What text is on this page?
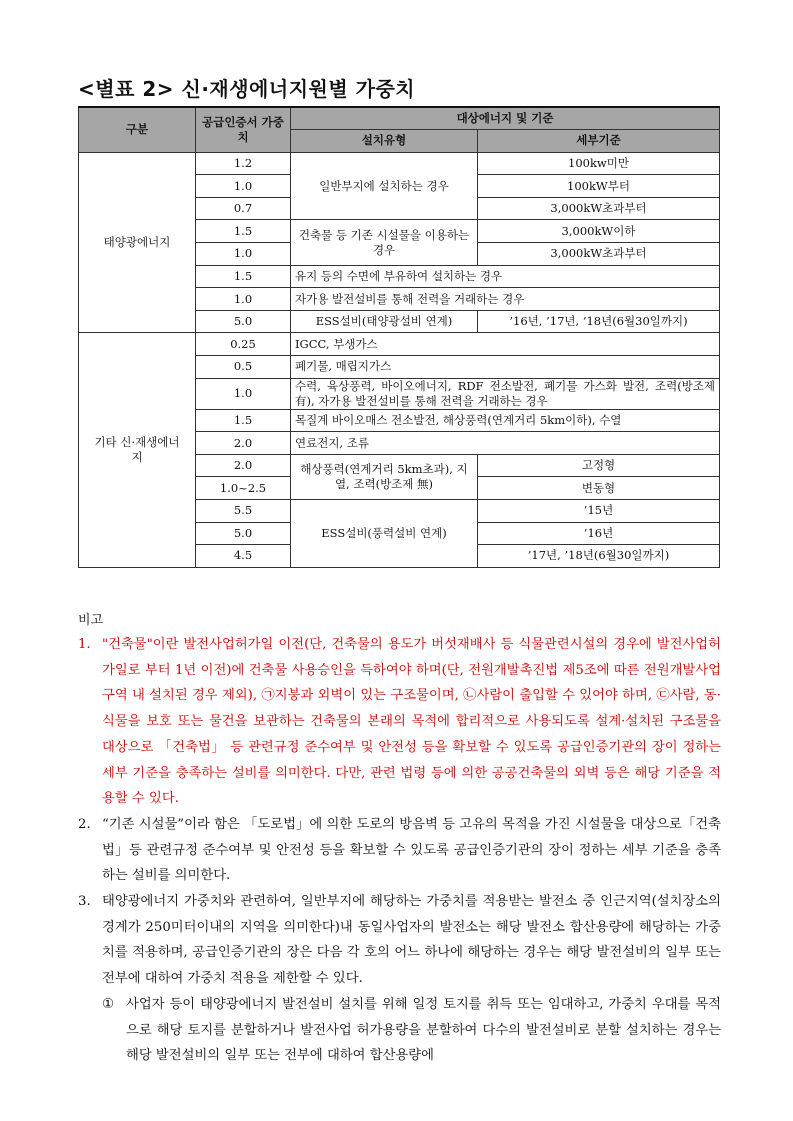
<별표 2> 신·재생에너지원별 가중치
구분	공급인증서 가중치	대상에너지 및 기준	
		설치유형	세부기준
태양광에너지	1.2	일반부지에 설치하는 경우	100kw미만
	1.0		100kW부터
	0.7		3,000kW초과부터
	1.5	건축물 등 기존 시설물을 이용하는 경우	3,000kW이하
	1.0		3,000kW초과부터
	1.5	유지 등의 수면에 부유하여 설치하는 경우	
	1.0	자가용 발전설비를 통해 전력을 거래하는 경우	
	5.0	ESS설비(태양광설비 연계)	’16년, ’17년, ’18년(6월30일까지)
기타 신·재생에너지	0.25	IGCC, 부생가스	
	0.5	폐기물, 매립지가스	
	1.0	수력, 육상풍력, 바이오에너지, RDF 전소발전, 폐기물 가스화 발전, 조력(방조제 有), 자가용 발전설비를 통해 전력을 거래하는 경우	
	1.5	목질계 바이오매스 전소발전, 해상풍력(연계거리 5km이하), 수열	
	2.0	연료전지, 조류	
	2.0	해상풍력(연계거리 5km초과), 지열, 조력(방조제 無)	고정형
	1.0~2.5		변동형
	5.5	ESS설비(풍력설비 연계)	’15년
	5.0		’16년
	4.5		’17년, ’18년(6월30일까지)

비고

1. "건축물"이란 발전사업허가일 이전(단, 건축물의 용도가 버섯재배사 등 식물관련시설의 경우에 발전사업허가일로 부터 1년 이전)에 건축물 사용승인을 득하여야 하며(단, 전원개발촉진법 제5조에 따른 전원개발사업구역 내 설치된 경우 제외), ㉠지붕과 외벽이 있는 구조물이며, ㉡사람이 출입할 수 있어야 하며, ㉢사람, 동·식물을 보호 또는 물건을 보관하는 건축물의 본래의 목적에 합리적으로 사용되도록 설계·설치된 구조물을 대상으로 「건축법」 등 관련규정 준수여부 및 안전성 등을 확보할 수 있도록 공급인증기관의 장이 정하는 세부 기준을 충족하는 설비를 의미한다. 다만, 관련 법령 등에 의한 공공건축물의 외벽 등은 해당 기준을 적용할 수 있다.
2. “기존 시설물”이라 함은 「도로법」에 의한 도로의 방음벽 등 고유의 목적을 가진 시설물을 대상으로「건축법」등 관련규정 준수여부 및 안전성 등을 확보할 수 있도록 공급인증기관의 장이 정하는 세부 기준을 충족하는 설비를 의미한다.
3. 태양광에너지 가중치와 관련하여, 일반부지에 해당하는 가중치를 적용받는 발전소 중 인근지역(설치장소의 경계가 250미터이내의 지역을 의미한다)내 동일사업자의 발전소는 해당 발전소 합산용량에 해당하는 가중치를 적용하며, 공급인증기관의 장은 다음 각 호의 어느 하나에 해당하는 경우는 해당 발전설비의 일부 또는 전부에 대하여 가중치 적용을 제한할 수 있다.
① 사업자 등이 태양광에너지 발전설비 설치를 위해 일정 토지를 취득 또는 임대하고, 가중치 우대를 목적으로 해당 토지를 분할하거나 발전사업 허가용량을 분할하여 다수의 발전설비로 분할 설치하는 경우는 해당 발전설비의 일부 또는 전부에 대하여 합산용량에
